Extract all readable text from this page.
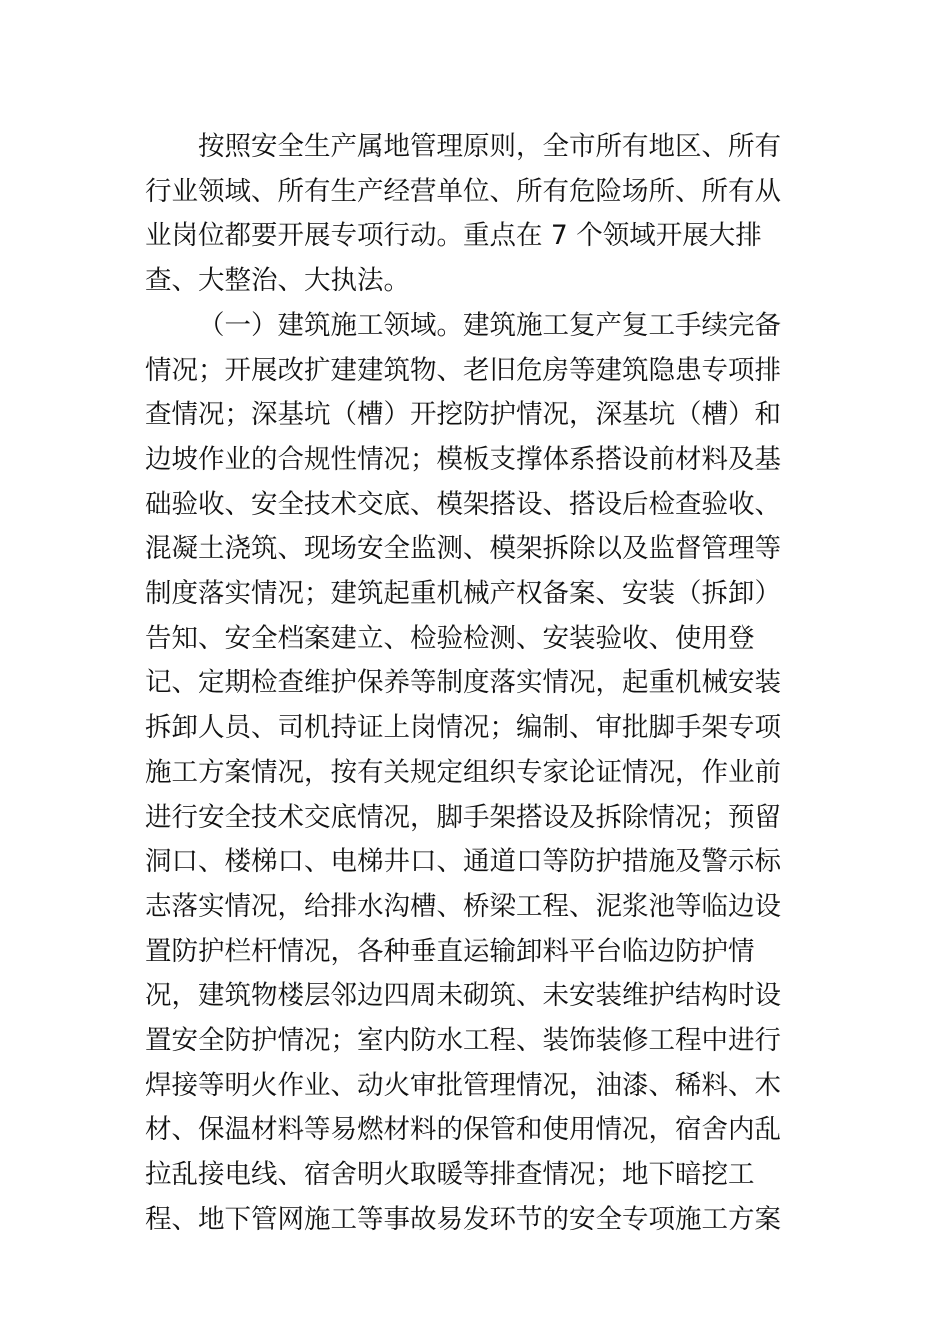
按照安全生产属地管理原则，全市所有地区、所有行业领域、所有生产经营单位、所有危险场所、所有从业岗位都要开展专项行动。重点在 7 个领域开展大排查、大整治、大执法。

（一）建筑施工领域。建筑施工复产复工手续完备情况；开展改扩建建筑物、老旧危房等建筑隐患专项排查情况；深基坑（槽）开挖防护情况，深基坑（槽）和边坡作业的合规性情况；模板支撑体系搭设前材料及基础验收、安全技术交底、模架搭设、搭设后检查验收、混凝土浇筑、现场安全监测、模架拆除以及监督管理等制度落实情况；建筑起重机械产权备案、安装（拆卸）告知、安全档案建立、检验检测、安装验收、使用登记、定期检查维护保养等制度落实情况，起重机械安装拆卸人员、司机持证上岗情况；编制、审批脚手架专项施工方案情况，按有关规定组织专家论证情况，作业前进行安全技术交底情况，脚手架搭设及拆除情况；预留洞口、楼梯口、电梯井口、通道口等防护措施及警示标志落实情况，给排水沟槽、桥梁工程、泥浆池等临边设置防护栏杆情况，各种垂直运输卸料平台临边防护情况，建筑物楼层邻边四周未砌筑、未安装维护结构时设置安全防护情况；室内防水工程、装饰装修工程中进行焊接等明火作业、动火审批管理情况，油漆、稀料、木材、保温材料等易燃材料的保管和使用情况，宿舍内乱拉乱接电线、宿舍明火取暖等排查情况；地下暗挖工程、地下管网施工等事故易发环节的安全专项施工方案
